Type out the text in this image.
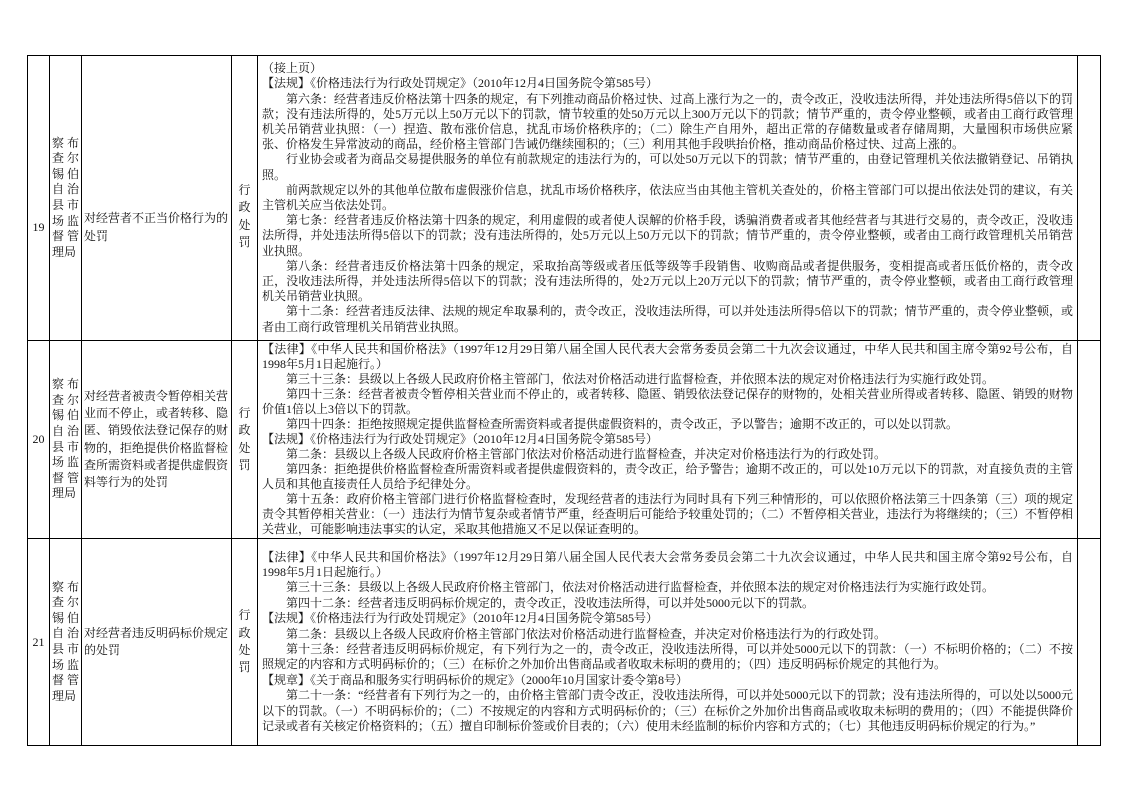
19
察布查尔锡伯自治县市场监督管理局
对经营者不正当价格行为的处罚
行政处罚

（接上页）

【法规】《价格违法行为行政处罚规定》（2010年12月4日国务院令第585号）

第六条：经营者违反价格法第十四条的规定，有下列推动商品价格过快、过高上涨行为之一的，责令改正，没收违法所得，并处违法所得5倍以下的罚款；没有违法所得的，处5万元以上50万元以下的罚款，情节较重的处50万元以上300万元以下的罚款；情节严重的，责令停业整顿，或者由工商行政管理机关吊销营业执照：（一）捏造、散布涨价信息，扰乱市场价格秩序的；（二）除生产自用外，超出正常的存储数量或者存储周期，大量囤积市场供应紧张、价格发生异常波动的商品，经价格主管部门告诫仍继续囤积的；（三）利用其他手段哄抬价格，推动商品价格过快、过高上涨的。

行业协会或者为商品交易提供服务的单位有前款规定的违法行为的，可以处50万元以下的罚款；情节严重的，由登记管理机关依法撤销登记、吊销执照。

前两款规定以外的其他单位散布虚假涨价信息，扰乱市场价格秩序，依法应当由其他主管机关查处的，价格主管部门可以提出依法处罚的建议，有关主管机关应当依法处罚。

第七条：经营者违反价格法第十四条的规定，利用虚假的或者使人误解的价格手段，诱骗消费者或者其他经营者与其进行交易的，责令改正，没收违法所得，并处违法所得5倍以下的罚款；没有违法所得的，处5万元以上50万元以下的罚款；情节严重的，责令停业整顿，或者由工商行政管理机关吊销营业执照。

第八条：经营者违反价格法第十四条的规定，采取抬高等级或者压低等级等手段销售、收购商品或者提供服务，变相提高或者压低价格的，责令改正，没收违法所得，并处违法所得5倍以下的罚款；没有违法所得的，处2万元以上20万元以下的罚款；情节严重的，责令停业整顿，或者由工商行政管理机关吊销营业执照。

第十二条：经营者违反法律、法规的规定牟取暴利的，责令改正，没收违法所得，可以并处违法所得5倍以下的罚款；情节严重的，责令停业整顿，或者由工商行政管理机关吊销营业执照。

20
察布查尔锡伯自治县市场监督管理局
对经营者被责令暂停相关营业而不停止，或者转移、隐匿、销毁依法登记保存的财物的，拒绝提供价格监督检查所需资料或者提供虚假资料等行为的处罚
行政处罚

【法律】《中华人民共和国价格法》（1997年12月29日第八届全国人民代表大会常务委员会第二十九次会议通过，中华人民共和国主席令第92号公布，自1998年5月1日起施行。）

第三十三条：县级以上各级人民政府价格主管部门，依法对价格活动进行监督检查，并依照本法的规定对价格违法行为实施行政处罚。

第四十三条：经营者被责令暂停相关营业而不停止的，或者转移、隐匿、销毁依法登记保存的财物的，处相关营业所得或者转移、隐匿、销毁的财物价值1倍以上3倍以下的罚款。

第四十四条：拒绝按照规定提供监督检查所需资料或者提供虚假资料的，责令改正，予以警告；逾期不改正的，可以处以罚款。

【法规】《价格违法行为行政处罚规定》（2010年12月4日国务院令第585号）

第二条：县级以上各级人民政府价格主管部门依法对价格活动进行监督检查，并决定对价格违法行为的行政处罚。

第四条：拒绝提供价格监督检查所需资料或者提供虚假资料的，责令改正，给予警告；逾期不改正的，可以处10万元以下的罚款，对直接负责的主管人员和其他直接责任人员给予纪律处分。

第十五条：政府价格主管部门进行价格监督检查时，发现经营者的违法行为同时具有下列三种情形的，可以依照价格法第三十四条第（三）项的规定责令其暂停相关营业：（一）违法行为情节复杂或者情节严重，经查明后可能给予较重处罚的；（二）不暂停相关营业，违法行为将继续的；（三）不暂停相关营业，可能影响违法事实的认定，采取其他措施又不足以保证查明的。

21
察布查尔锡伯自治县市场监督管理局
对经营者违反明码标价规定的处罚
行政处罚

【法律】《中华人民共和国价格法》（1997年12月29日第八届全国人民代表大会常务委员会第二十九次会议通过，中华人民共和国主席令第92号公布，自1998年5月1日起施行。）

第三十三条：县级以上各级人民政府价格主管部门，依法对价格活动进行监督检查，并依照本法的规定对价格违法行为实施行政处罚。

第四十二条：经营者违反明码标价规定的，责令改正，没收违法所得，可以并处5000元以下的罚款。

【法规】《价格违法行为行政处罚规定》（2010年12月4日国务院令第585号）

第二条：县级以上各级人民政府价格主管部门依法对价格活动进行监督检查，并决定对价格违法行为的行政处罚。

第十三条：经营者违反明码标价规定，有下列行为之一的，责令改正，没收违法所得，可以并处5000元以下的罚款：（一）不标明价格的；（二）不按照规定的内容和方式明码标价的；（三）在标价之外加价出售商品或者收取未标明的费用的；（四）违反明码标价规定的其他行为。

【规章】《关于商品和服务实行明码标价的规定》（2000年10月国家计委令第8号）

第二十一条：“经营者有下列行为之一的，由价格主管部门责令改正，没收违法所得，可以并处5000元以下的罚款；没有违法所得的，可以处以5000元以下的罚款。（一）不明码标价的；（二）不按规定的内容和方式明码标价的；（三）在标价之外加价出售商品或收取未标明的费用的；（四）不能提供降价记录或者有关核定价格资料的；（五）擅自印制标价签或价目表的；（六）使用未经监制的标价内容和方式的；（七）其他违反明码标价规定的行为。”
